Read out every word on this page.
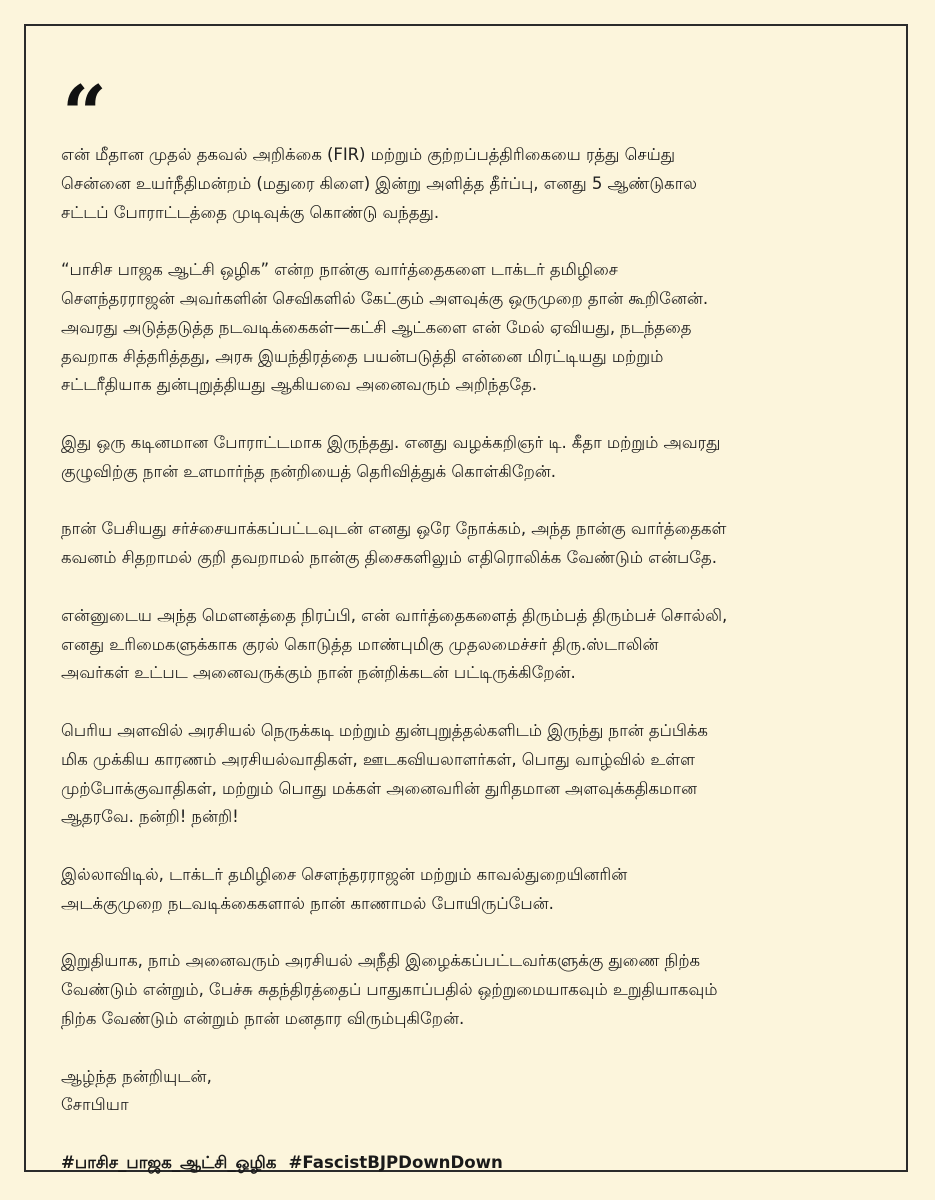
“

என் மீதான முதல் தகவல் அறிக்கை (FIR) மற்றும் குற்றப்பத்திரிகையை ரத்து செய்து
சென்னை உயர்நீதிமன்றம் (மதுரை கிளை) இன்று அளித்த தீர்ப்பு, எனது 5 ஆண்டுகால
சட்டப் போராட்டத்தை முடிவுக்கு கொண்டு வந்தது.

“பாசிச பாஜக ஆட்சி ஒழிக” என்ற நான்கு வார்த்தைகளை டாக்டர் தமிழிசை
சௌந்தரராஜன் அவர்களின் செவிகளில் கேட்கும் அளவுக்கு ஒருமுறை தான் கூறினேன்.
அவரது அடுத்தடுத்த நடவடிக்கைகள்—கட்சி ஆட்களை என் மேல் ஏவியது, நடந்ததை
தவறாக சித்தரித்தது, அரசு இயந்திரத்தை பயன்படுத்தி என்னை மிரட்டியது மற்றும்
சட்டரீதியாக துன்புறுத்தியது ஆகியவை அனைவரும் அறிந்ததே.

இது ஒரு கடினமான போராட்டமாக இருந்தது. எனது வழக்கறிஞர் டி. கீதா மற்றும் அவரது
குழுவிற்கு நான் உளமார்ந்த நன்றியைத் தெரிவித்துக் கொள்கிறேன்.

நான் பேசியது சர்ச்சையாக்கப்பட்டவுடன் எனது ஒரே நோக்கம், அந்த நான்கு வார்த்தைகள்
கவனம் சிதறாமல் குறி தவறாமல் நான்கு திசைகளிலும் எதிரொலிக்க வேண்டும் என்பதே.

என்னுடைய அந்த மௌனத்தை நிரப்பி, என் வார்த்தைகளைத் திரும்பத் திரும்பச் சொல்லி,
எனது உரிமைகளுக்காக குரல் கொடுத்த மாண்புமிகு முதலமைச்சர் திரு.ஸ்டாலின்
அவர்கள் உட்பட அனைவருக்கும் நான் நன்றிக்கடன் பட்டிருக்கிறேன்.

பெரிய அளவில் அரசியல் நெருக்கடி மற்றும் துன்புறுத்தல்களிடம் இருந்து நான் தப்பிக்க
மிக முக்கிய காரணம் அரசியல்வாதிகள், ஊடகவியலாளர்கள், பொது வாழ்வில் உள்ள
முற்போக்குவாதிகள், மற்றும் பொது மக்கள் அனைவரின் துரிதமான அளவுக்கதிகமான
ஆதரவே. நன்றி! நன்றி!

இல்லாவிடில், டாக்டர் தமிழிசை சௌந்தரராஜன் மற்றும் காவல்துறையினரின்
அடக்குமுறை நடவடிக்கைகளால் நான் காணாமல் போயிருப்பேன்.

இறுதியாக, நாம் அனைவரும் அரசியல் அநீதி இழைக்கப்பட்டவர்களுக்கு துணை நிற்க
வேண்டும் என்றும், பேச்சு சுதந்திரத்தைப் பாதுகாப்பதில் ஒற்றுமையாகவும் உறுதியாகவும்
நிற்க வேண்டும் என்றும் நான் மனதார விரும்புகிறேன்.

ஆழ்ந்த நன்றியுடன்,
சோபியா
#பாசிச_பாஜக_ஆட்சி_ஒழிக #FascistBJPDownDown
